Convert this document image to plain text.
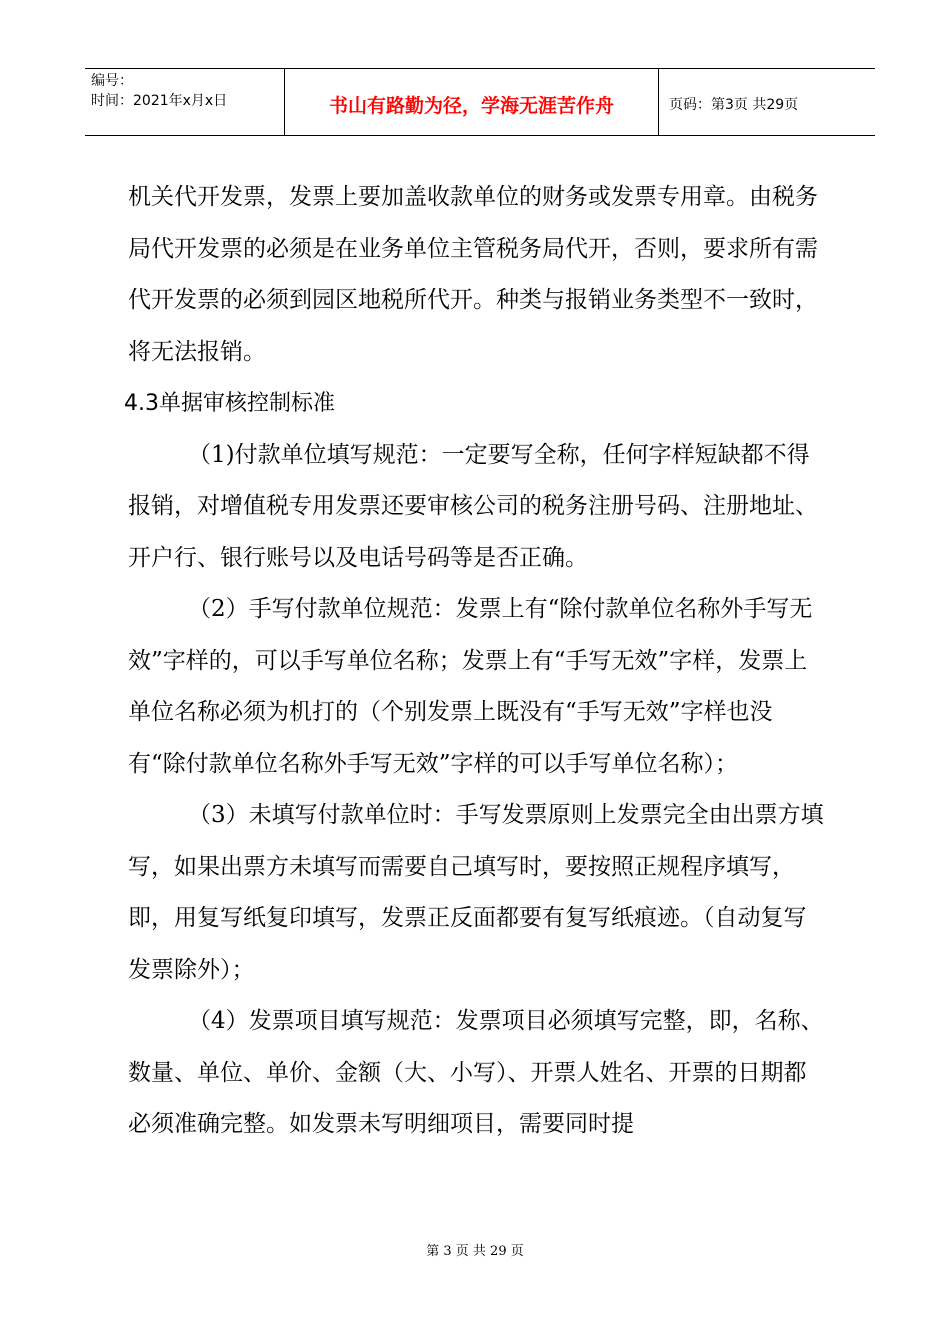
编号：
时间：2021年x月x日	书山有路勤为径，学海无涯苦作舟	页码：第3页 共29页

机关代开发票，发票上要加盖收款单位的财务或发票专用章。由税务局代开发票的必须是在业务单位主管税务局代开，否则，要求所有需代开发票的必须到园区地税所代开。种类与报销业务类型不一致时，将无法报销。

4.3单据审核控制标准

（1)付款单位填写规范：一定要写全称，任何字样短缺都不得报销，对增值税专用发票还要审核公司的税务注册号码、注册地址、开户行、银行账号以及电话号码等是否正确。

（2）手写付款单位规范：发票上有“除付款单位名称外手写无效”字样的，可以手写单位名称；发票上有“手写无效”字样，发票上单位名称必须为机打的（个别发票上既没有“手写无效”字样也没有“除付款单位名称外手写无效”字样的可以手写单位名称）；

（3）未填写付款单位时：手写发票原则上发票完全由出票方填写，如果出票方未填写而需要自己填写时，要按照正规程序填写，即，用复写纸复印填写，发票正反面都要有复写纸痕迹。（自动复写发票除外）；

（4）发票项目填写规范：发票项目必须填写完整，即，名称、数量、单位、单价、金额（大、小写）、开票人姓名、开票的日期都必须准确完整。如发票未写明细项目，需要同时提

第 3 页 共 29 页
